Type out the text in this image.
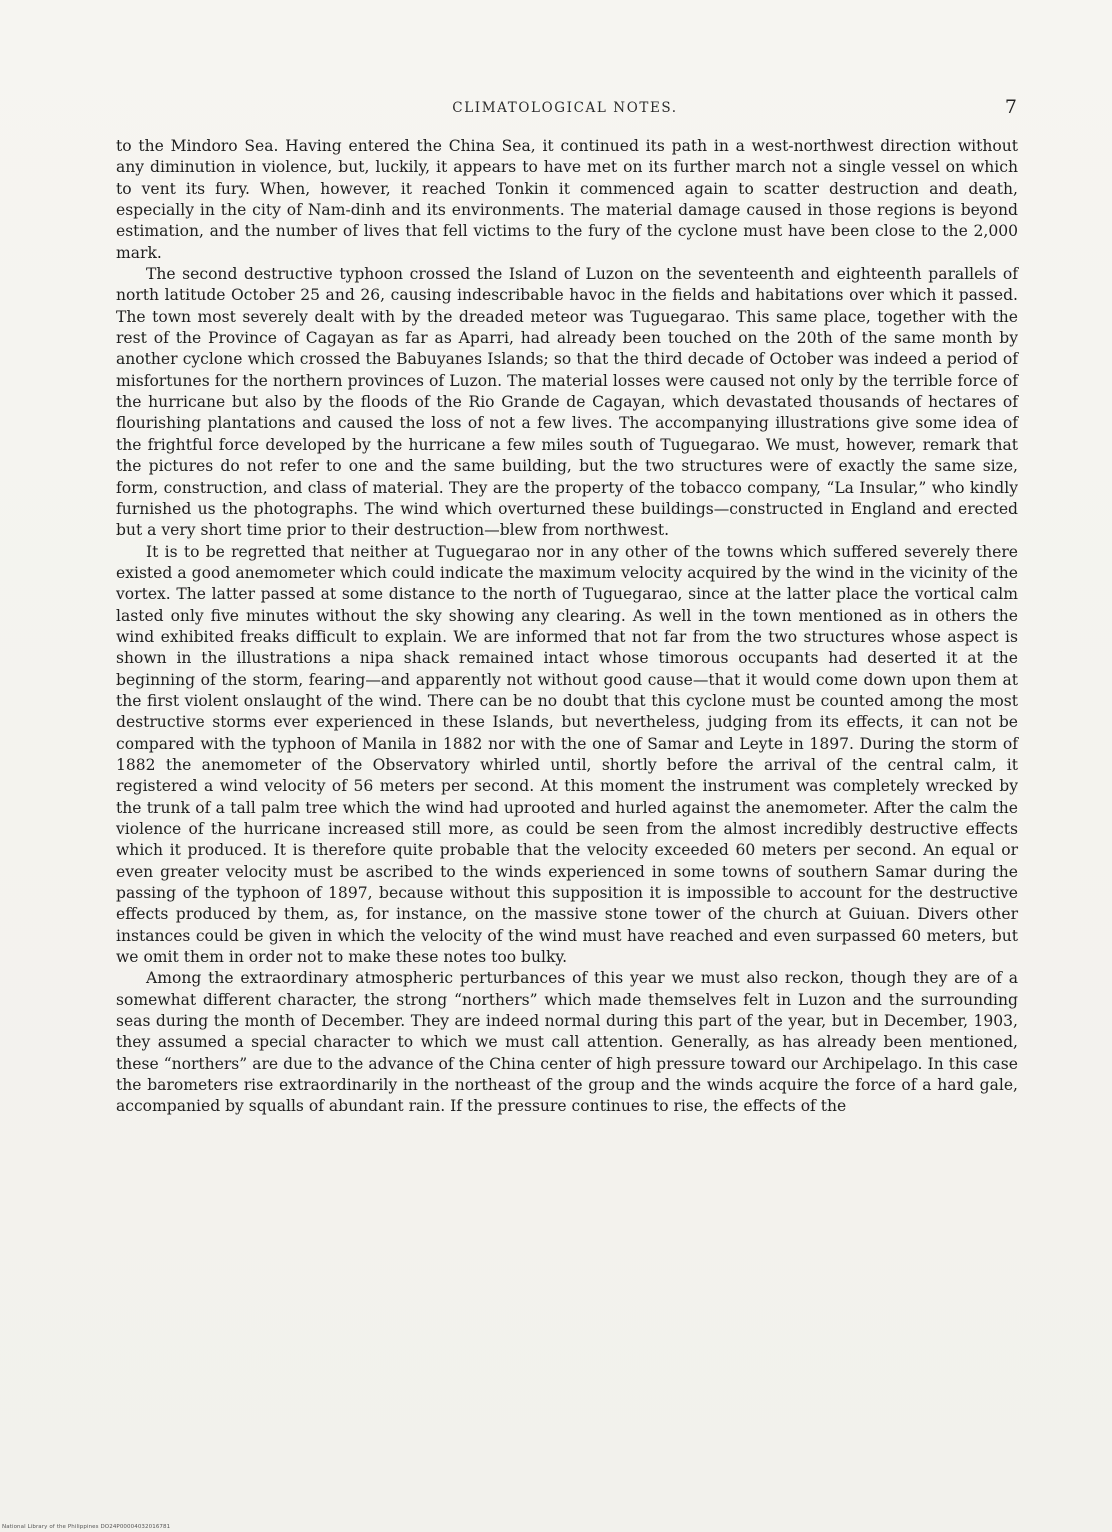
CLIMATOLOGICAL NOTES.	7

to the Mindoro Sea. Having entered the China Sea, it continued its path in a west-northwest direction without any diminution in violence, but, luckily, it appears to have met on its further march not a single vessel on which to vent its fury. When, however, it reached Tonkin it commenced again to scatter destruction and death, especially in the city of Nam-dinh and its environments. The material damage caused in those regions is beyond estimation, and the number of lives that fell victims to the fury of the cyclone must have been close to the 2,000 mark.

The second destructive typhoon crossed the Island of Luzon on the seventeenth and eighteenth parallels of north latitude October 25 and 26, causing indescribable havoc in the fields and habitations over which it passed. The town most severely dealt with by the dreaded meteor was Tuguegarao. This same place, together with the rest of the Province of Cagayan as far as Aparri, had already been touched on the 20th of the same month by another cyclone which crossed the Babuyanes Islands; so that the third decade of October was indeed a period of misfortunes for the northern provinces of Luzon. The material losses were caused not only by the terrible force of the hurricane but also by the floods of the Rio Grande de Cagayan, which devastated thousands of hectares of flourishing plantations and caused the loss of not a few lives. The accompanying illustrations give some idea of the frightful force developed by the hurricane a few miles south of Tuguegarao. We must, however, remark that the pictures do not refer to one and the same building, but the two structures were of exactly the same size, form, construction, and class of material. They are the property of the tobacco company, “La Insular,” who kindly furnished us the photographs. The wind which overturned these buildings—constructed in England and erected but a very short time prior to their destruction—blew from northwest.

It is to be regretted that neither at Tuguegarao nor in any other of the towns which suffered severely there existed a good anemometer which could indicate the maximum velocity acquired by the wind in the vicinity of the vortex. The latter passed at some distance to the north of Tuguegarao, since at the latter place the vortical calm lasted only five minutes without the sky showing any clearing. As well in the town mentioned as in others the wind exhibited freaks difficult to explain. We are informed that not far from the two structures whose aspect is shown in the illustrations a nipa shack remained intact whose timorous occupants had deserted it at the beginning of the storm, fearing—and apparently not without good cause—that it would come down upon them at the first violent onslaught of the wind. There can be no doubt that this cyclone must be counted among the most destructive storms ever experienced in these Islands, but nevertheless, judging from its effects, it can not be compared with the typhoon of Manila in 1882 nor with the one of Samar and Leyte in 1897. During the storm of 1882 the anemometer of the Observatory whirled until, shortly before the arrival of the central calm, it registered a wind velocity of 56 meters per second. At this moment the instrument was completely wrecked by the trunk of a tall palm tree which the wind had uprooted and hurled against the anemometer. After the calm the violence of the hurricane increased still more, as could be seen from the almost incredibly destructive effects which it produced. It is therefore quite probable that the velocity exceeded 60 meters per second. An equal or even greater velocity must be ascribed to the winds experienced in some towns of southern Samar during the passing of the typhoon of 1897, because without this supposition it is impossible to account for the destructive effects produced by them, as, for instance, on the massive stone tower of the church at Guiuan. Divers other instances could be given in which the velocity of the wind must have reached and even surpassed 60 meters, but we omit them in order not to make these notes too bulky.

Among the extraordinary atmospheric perturbances of this year we must also reckon, though they are of a somewhat different character, the strong “northers” which made themselves felt in Luzon and the surrounding seas during the month of December. They are indeed normal during this part of the year, but in December, 1903, they assumed a special character to which we must call attention. Generally, as has already been mentioned, these “northers” are due to the advance of the China center of high pressure toward our Archipelago. In this case the barometers rise extraordinarily in the northeast of the group and the winds acquire the force of a hard gale, accompanied by squalls of abundant rain. If the pressure continues to rise, the effects of the

National Library of the Philippines DO24P00004032016781
